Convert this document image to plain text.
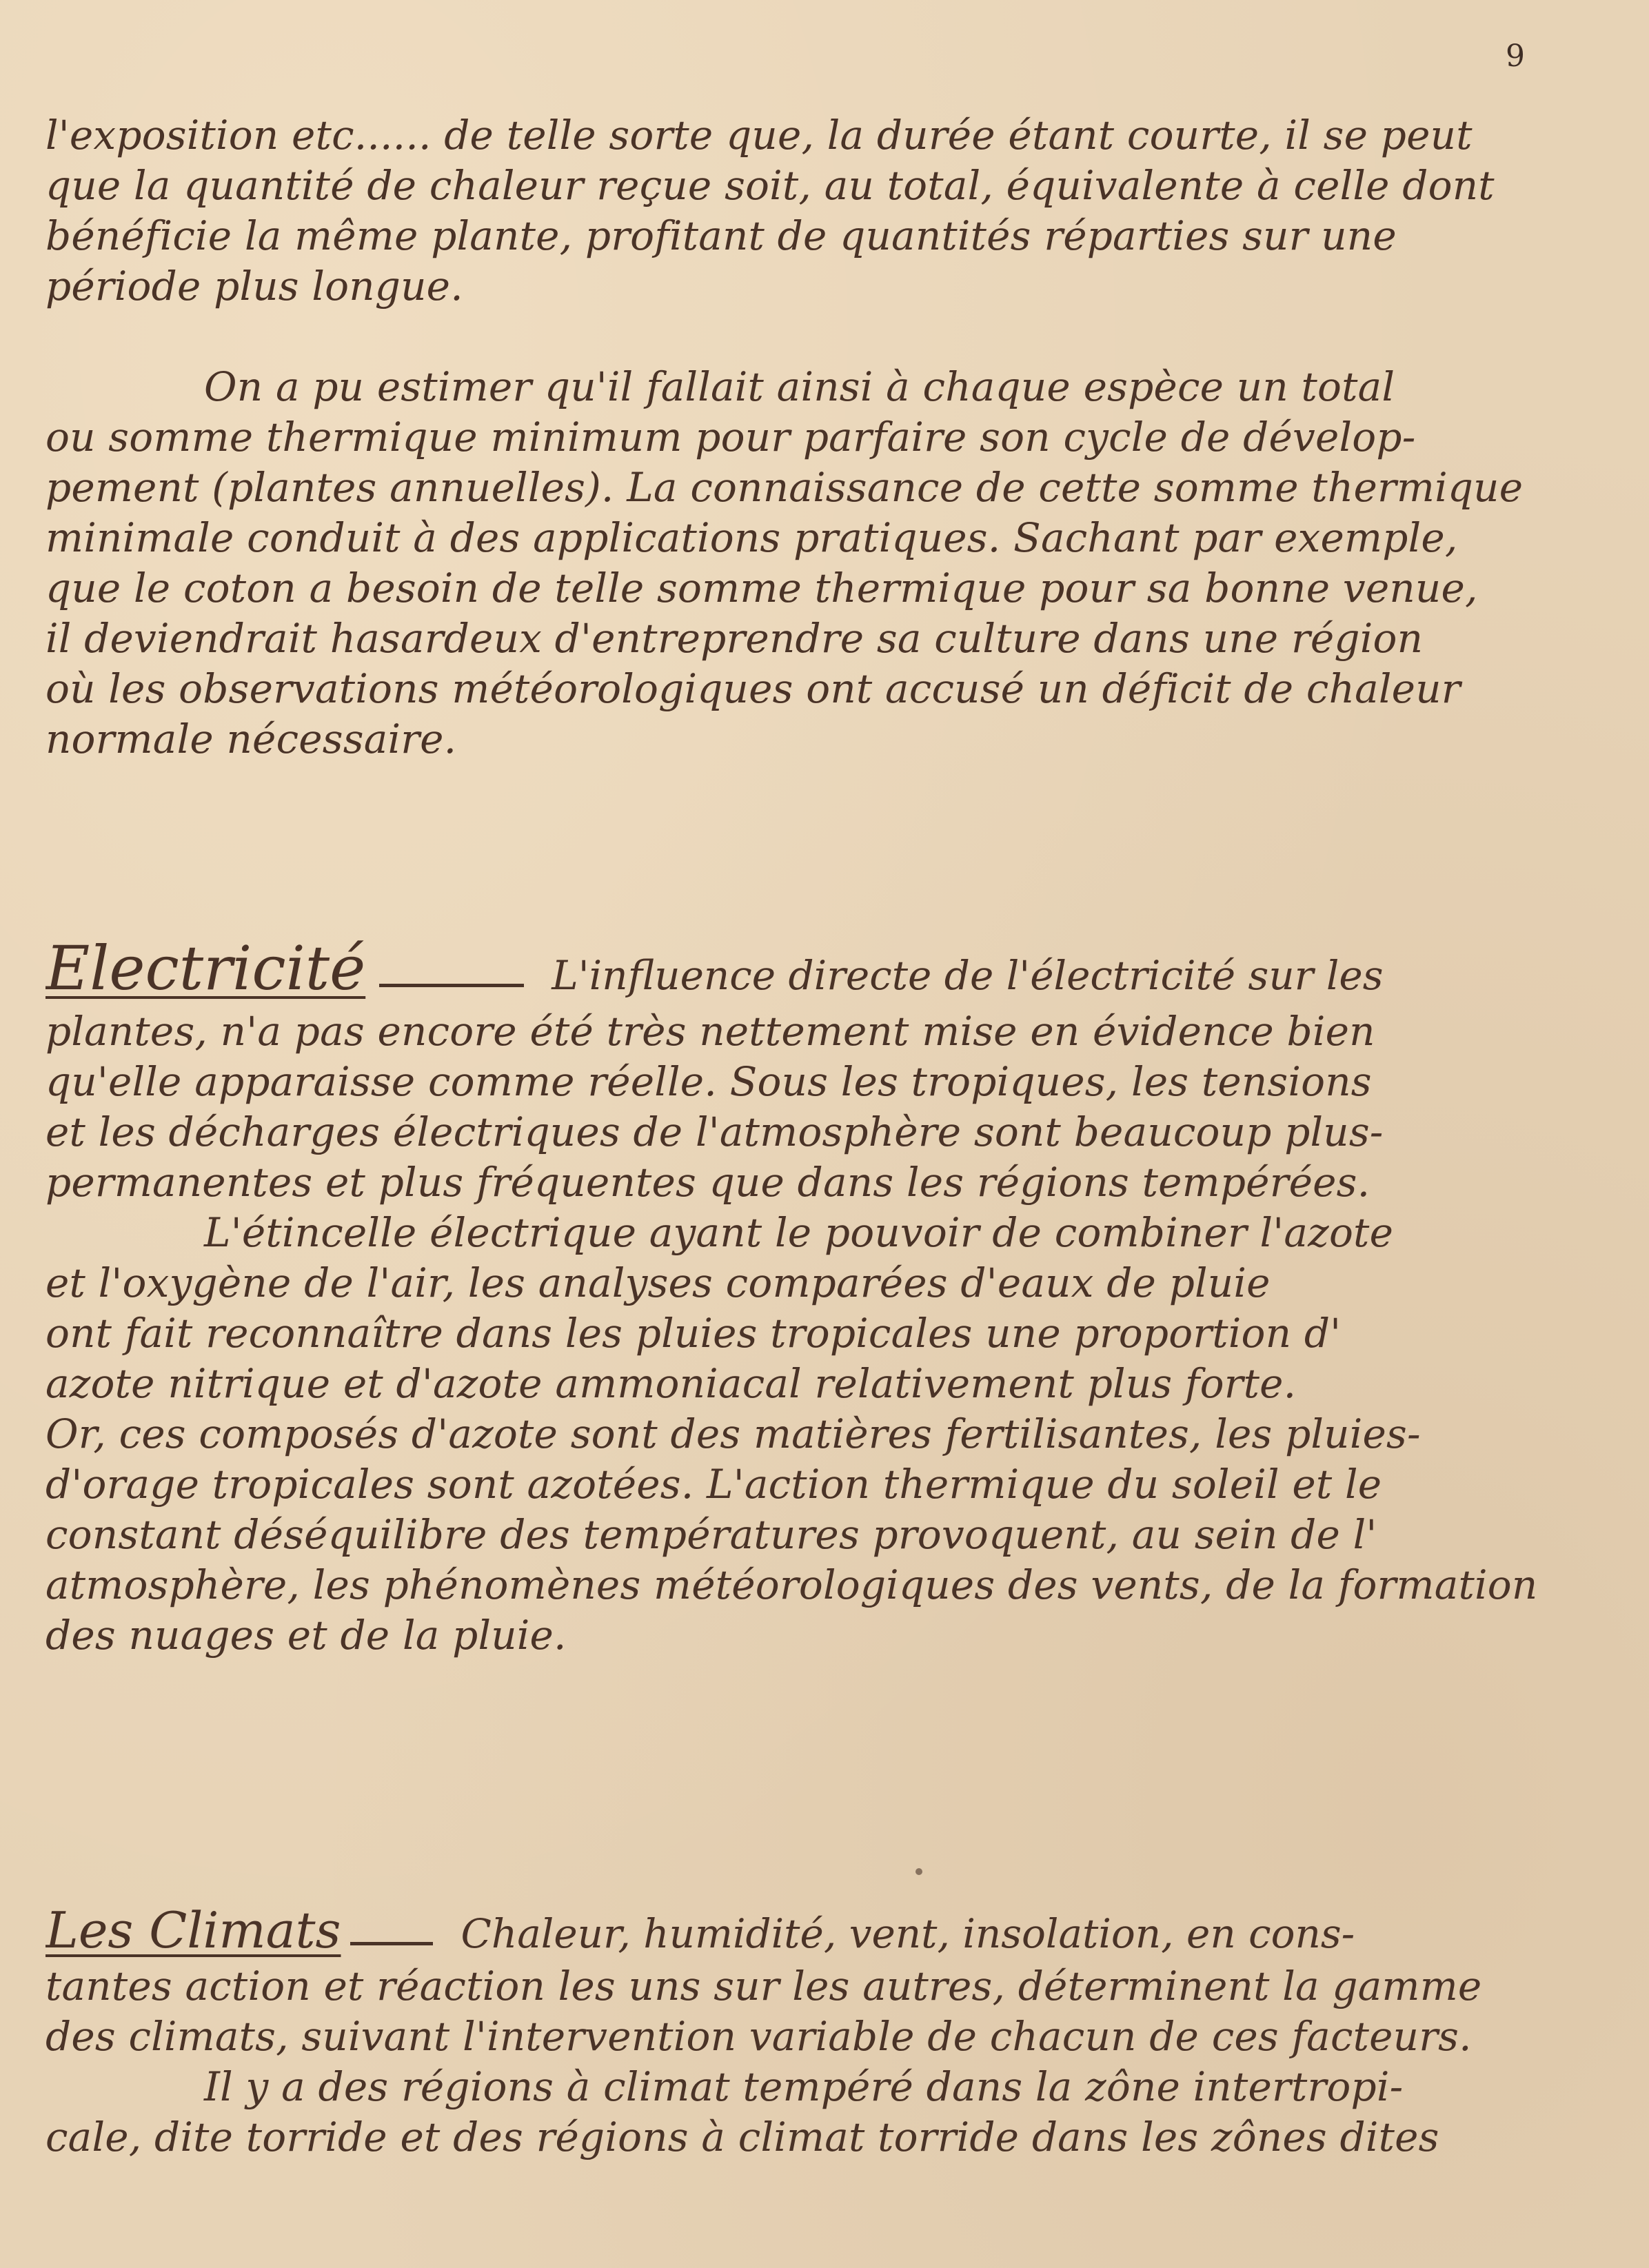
9
l'exposition etc...... de telle sorte que, la durée étant courte, il se peut
que la quantité de chaleur reçue soit, au total, équivalente à celle dont
bénéficie la même plante, profitant de quantités réparties sur une
période plus longue.
On a pu estimer qu'il fallait ainsi à chaque espèce un total
ou somme thermique minimum pour parfaire son cycle de dévelop-
pement (plantes annuelles). La connaissance de cette somme thermique
minimale conduit à des applications pratiques. Sachant par exemple,
que le coton a besoin de telle somme thermique pour sa bonne venue,
il deviendrait hasardeux d'entreprendre sa culture dans une région
où les observations météorologiques ont accusé un déficit de chaleur
normale nécessaire.
Electricité	L'influence directe de l'électricité sur les
plantes, n'a pas encore été très nettement mise en évidence bien
qu'elle apparaisse comme réelle. Sous les tropiques, les tensions
et les décharges électriques de l'atmosphère sont beaucoup plus-
permanentes et plus fréquentes que dans les régions tempérées.
L'étincelle électrique ayant le pouvoir de combiner l'azote
et l'oxygène de l'air, les analyses comparées d'eaux de pluie
ont fait reconnaître dans les pluies tropicales une proportion d'
azote nitrique et d'azote ammoniacal relativement plus forte.
Or, ces composés d'azote sont des matières fertilisantes, les pluies-
d'orage tropicales sont azotées. L'action thermique du soleil et le
constant déséquilibre des températures provoquent, au sein de l'
atmosphère, les phénomènes météorologiques des vents, de la formation
des nuages et de la pluie.
Les Climats	Chaleur, humidité, vent, insolation, en cons-
tantes action et réaction les uns sur les autres, déterminent la gamme
des climats, suivant l'intervention variable de chacun de ces facteurs.
Il y a des régions à climat tempéré dans la zône intertropi-
cale, dite torride et des régions à climat torride dans les zônes dites
